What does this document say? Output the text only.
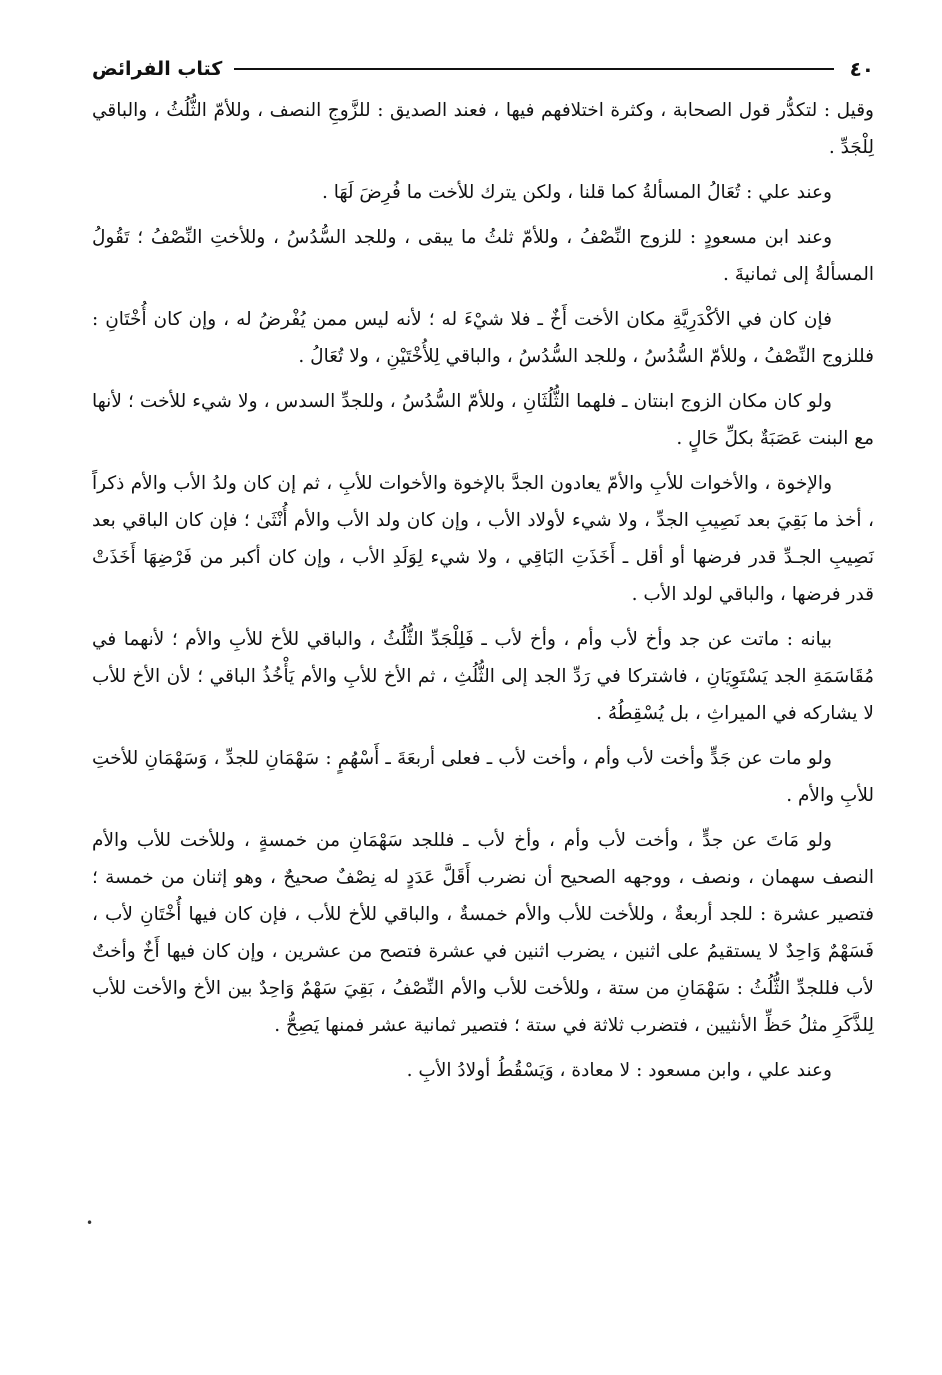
٤٠
كتاب الفرائض

وقيل : لتكدُّر قول الصحابة ، وكثرة اختلافهم فيها ، فعند الصديق : للزَّوجِ النصف ، وللأمّ الثُّلُثُ ، والباقي لِلْجَدِّ .

وعند علي : تُعَالُ المسألةُ كما قلنا ، ولكن يترك للأخت ما فُرِضَ لَهَا .

وعند ابن مسعودٍ : للزوج النِّصْفُ ، وللأمّ ثلثُ ما يبقى ، وللجد السُّدُسُ ، وللأختِ النِّصْفُ ؛ تَقُولُ المسألةُ إلى ثمانيةَ .

فإن كان في الأكْدَرِيَّةِ مكان الأخت أَخٌ ـ فلا شيْءَ له ؛ لأنه ليس ممن يُفْرضُ له ، وإن كان أُخْتَانِ : فللزوج النِّصْفُ ، وللأمّ السُّدُسُ ، وللجد السُّدُسُ ، والباقي لِلأُخْتَيْنِ ، ولا تُعَالُ .

ولو كان مكان الزوج ابنتان ـ فلهما الثُّلُثَانِ ، وللأمّ السُّدُسُ ، وللجدِّ السدس ، ولا شيء للأخت ؛ لأنها مع البنت عَصَبَةٌ بكلِّ حَالٍ .

والإخوة ، والأخوات للأبِ والأمّ يعادون الجدَّ بالإخوة والأخوات للأبِ ، ثم إن كان ولدُ الأب والأم ذكراً ، أخذ ما بَقِيَ بعد نَصِيبِ الجدِّ ، ولا شيء لأولاد الأب ، وإن كان ولد الأب والأم أُنْثَىٰ ؛ فإن كان الباقي بعد نَصِيبِ الجـدِّ قدر فرضها أو أقل ـ أَخَذَتِ البَاقِي ، ولا شيء لِوَلَدِ الأب ، وإن كان أكبر من فَرْضِهَا أَخَذَتْ قدر فرضها ، والباقي لولد الأب .

بيانه : ماتت عن جد وأخ لأب وأم ، وأخ لأب ـ فَلِلْجَدِّ الثُّلُثُ ، والباقي للأخ للأبِ والأم ؛ لأنهما في مُقَاسَمَةِ الجد يَسْتَوِيَانِ ، فاشتركا في رَدِّ الجد إلى الثُّلُثِ ، ثم الأخ للأبِ والأم يَأْخُذُ الباقي ؛ لأن الأخ للأب لا يشاركه في الميراثِ ، بل يُسْقِطُهُ .

ولو مات عن جَدٍّ وأخت لأب وأم ، وأخت لأب ـ فعلى أربعَةَ ـ أَسْهُمٍ : سَهْمَانِ للجدِّ ، وَسَهْمَانِ للأختِ للأبِ والأم .

ولو مَاتَ عن جدٍّ ، وأخت لأب وأم ، وأخ لأب ـ فللجد سَهْمَانِ من خمسةٍ ، وللأخت للأب والأم النصف سهمان ، ونصف ، ووجهه الصحيح أن نضرب أَقَلَّ عَدَدٍ له نِصْفٌ صحيحٌ ، وهو إثنان من خمسة ؛ فتصير عشرة : للجد أربعةٌ ، وللأخت للأب والأم خمسةٌ ، والباقي للأخ للأب ، فإن كان فيها أُخْتَانِ لأب ، فَسَهْمٌ وَاحِدٌ لا يستقيمُ على اثنين ، يضرب اثنين في عشرة فتصح من عشرين ، وإن كان فيها أَخٌ وأختٌ لأب فللجدِّ الثُّلُثُ : سَهْمَانِ من ستة ، وللأخت للأب والأم النِّصْفُ ، بَقِيَ سَهْمٌ وَاحِدٌ بين الأخ والأخت للأب لِلذَّكَرِ مثلُ حَظِّ الأنثيين ، فتضرب ثلاثة في ستة ؛ فتصير ثمانية عشر فمنها يَصِحُّ .

وعند علي ، وابن مسعود : لا معادة ، وَيَسْقُطُ أولادُ الأبِ .

•
